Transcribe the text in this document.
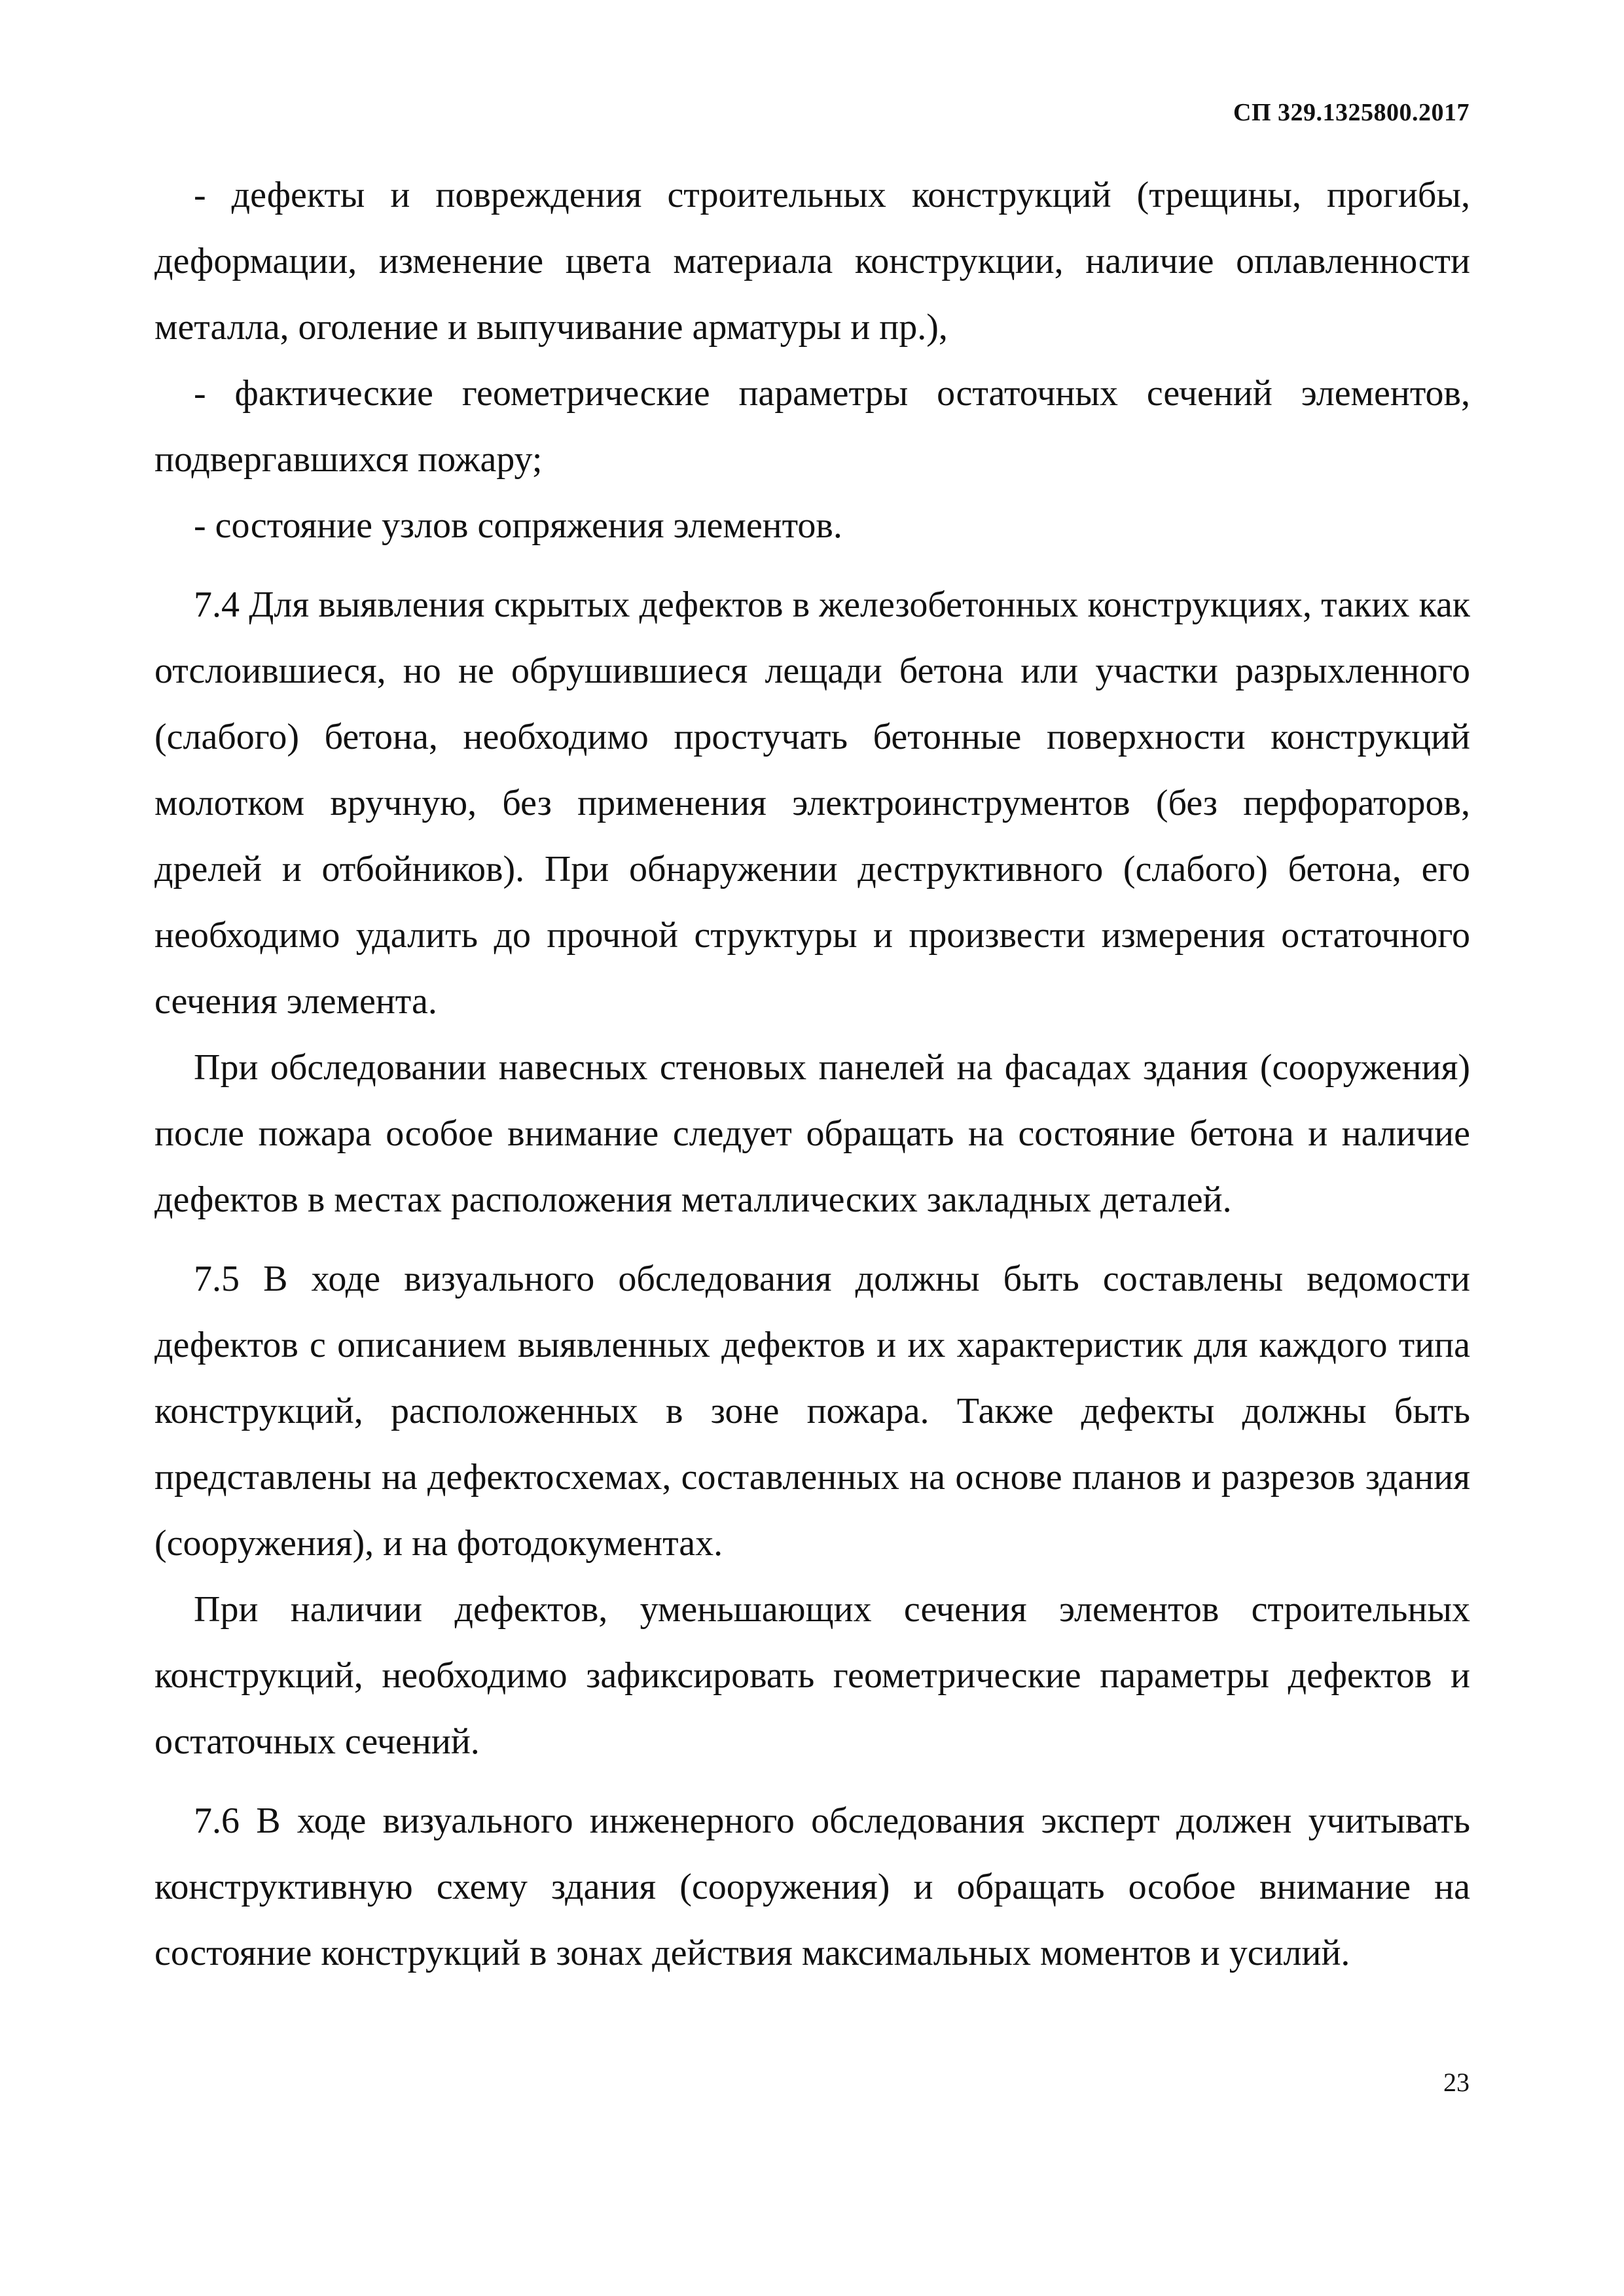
СП 329.1325800.2017

- дефекты и повреждения строительных конструкций (трещины, прогибы, деформации, изменение цвета материала конструкции, наличие оплавленности металла, оголение и выпучивание арматуры и пр.),

- фактические геометрические параметры остаточных сечений элементов, подвергавшихся пожару;

- состояние узлов сопряжения элементов.

7.4 Для выявления скрытых дефектов в железобетонных конструкциях, таких как отслоившиеся, но не обрушившиеся лещади бетона или участки разрыхленного (слабого) бетона, необходимо простучать бетонные поверхности конструкций молотком вручную, без применения электроинструментов (без перфораторов, дрелей и отбойников). При обнаружении деструктивного (слабого) бетона, его необходимо удалить до прочной структуры и произвести измерения остаточного сечения элемента.

При обследовании навесных стеновых панелей на фасадах здания (сооружения) после пожара особое внимание следует обращать на состояние бетона и наличие дефектов в местах расположения металлических закладных деталей.

7.5 В ходе визуального обследования должны быть составлены ведомости дефектов с описанием выявленных дефектов и их характеристик для каждого типа конструкций, расположенных в зоне пожара. Также дефекты должны быть представлены на дефектосхемах, составленных на основе планов и разрезов здания (сооружения), и на фотодокументах.

При наличии дефектов, уменьшающих сечения элементов строительных конструкций, необходимо зафиксировать геометрические параметры дефектов и остаточных сечений.

7.6 В ходе визуального инженерного обследования эксперт должен учитывать конструктивную схему здания (сооружения) и обращать особое внимание на состояние конструкций в зонах действия максимальных моментов и усилий.

23
